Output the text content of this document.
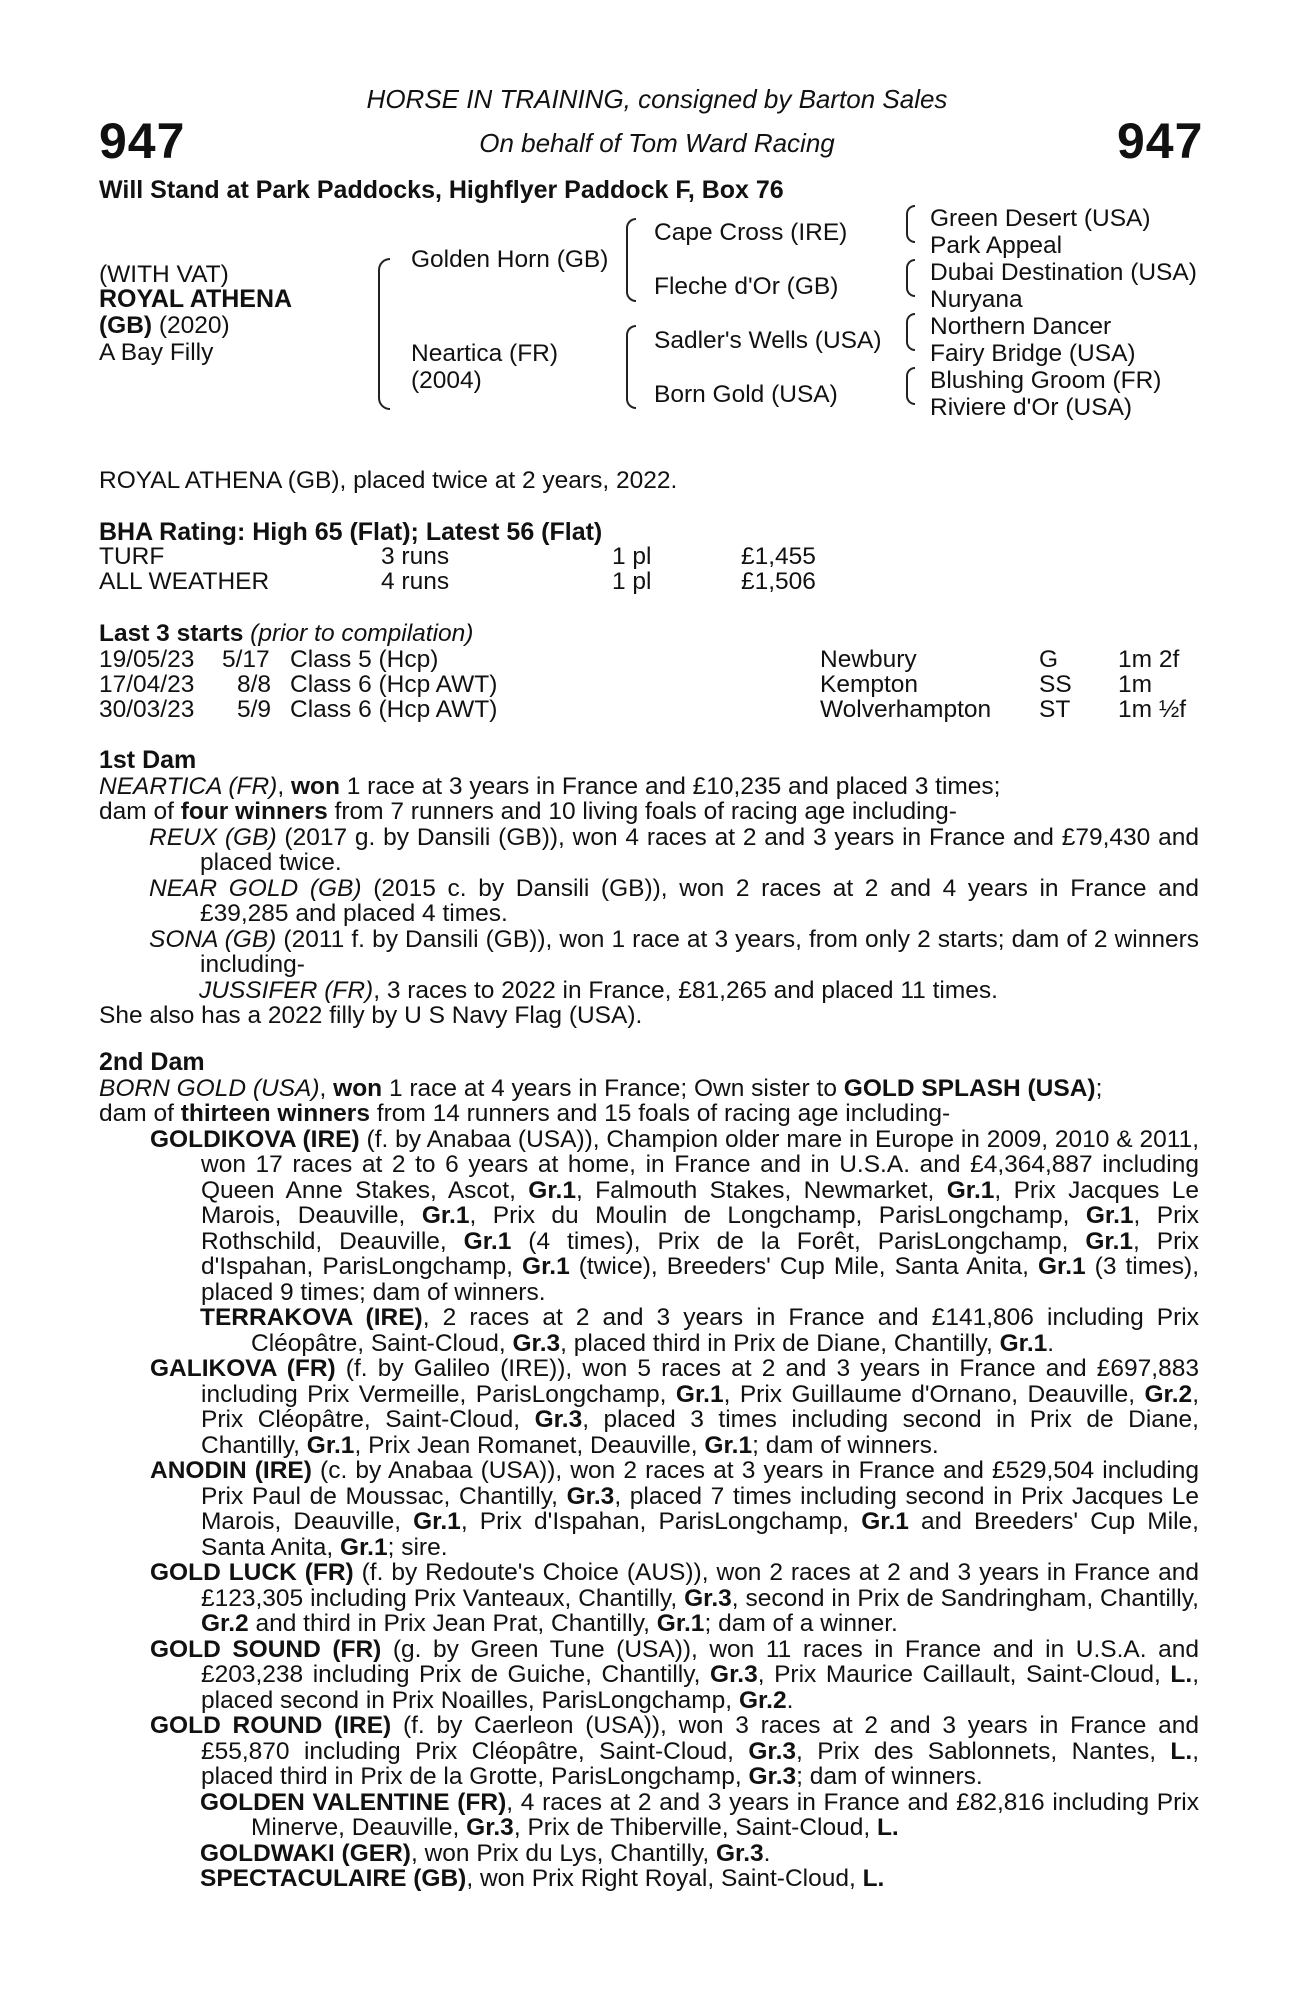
HORSE IN TRAINING, consigned by Barton Sales
On behalf of Tom Ward Racing
947	947
Will Stand at Park Paddocks, Highflyer Paddock F, Box 76
(WITH VAT)
ROYAL ATHENA
(GB) (2020)
A Bay Filly
Golden Horn (GB)
Neartica (FR)
(2004)
Cape Cross (IRE)
Fleche d'Or (GB)
Sadler's Wells (USA)
Born Gold (USA)
Green Desert (USA)
Park Appeal
Dubai Destination (USA)
Nuryana
Northern Dancer
Fairy Bridge (USA)
Blushing Groom (FR)
Riviere d'Or (USA)
ROYAL ATHENA (GB), placed twice at 2 years, 2022.
BHA Rating: High 65 (Flat); Latest 56 (Flat)
TURF	3 runs	1 pl	£1,455
ALL WEATHER	4 runs	1 pl	£1,506
Last 3 starts (prior to compilation)
19/05/23 5/17 Class 5 (Hcp)	Newbury	G 1m 2f
17/04/23 8/8 Class 6 (Hcp AWT)	Kempton	SS 1m
30/03/23 5/9 Class 6 (Hcp AWT)	Wolverhampton ST 1m ½f
1st Dam
NEARTICA (FR), won 1 race at 3 years in France and £10,235 and placed 3 times;
dam of four winners from 7 runners and 10 living foals of racing age including-
REUX (GB) (2017 g. by Dansili (GB)), won 4 races at 2 and 3 years in France and £79,430 and placed twice.
NEAR GOLD (GB) (2015 c. by Dansili (GB)), won 2 races at 2 and 4 years in France and £39,285 and placed 4 times.
SONA (GB) (2011 f. by Dansili (GB)), won 1 race at 3 years, from only 2 starts; dam of 2 winners including-
JUSSIFER (FR), 3 races to 2022 in France, £81,265 and placed 11 times.
She also has a 2022 filly by U S Navy Flag (USA).
2nd Dam
BORN GOLD (USA), won 1 race at 4 years in France; Own sister to GOLD SPLASH (USA);
dam of thirteen winners from 14 runners and 15 foals of racing age including-
GOLDIKOVA (IRE) (f. by Anabaa (USA)), Champion older mare in Europe in 2009, 2010 & 2011, won 17 races at 2 to 6 years at home, in France and in U.S.A. and £4,364,887 including Queen Anne Stakes, Ascot, Gr.1, Falmouth Stakes, Newmarket, Gr.1, Prix Jacques Le Marois, Deauville, Gr.1, Prix du Moulin de Longchamp, ParisLongchamp, Gr.1, Prix Rothschild, Deauville, Gr.1 (4 times), Prix de la Forêt, ParisLongchamp, Gr.1, Prix d'Ispahan, ParisLongchamp, Gr.1 (twice), Breeders' Cup Mile, Santa Anita, Gr.1 (3 times), placed 9 times; dam of winners.
TERRAKOVA (IRE), 2 races at 2 and 3 years in France and £141,806 including Prix Cléopâtre, Saint-Cloud, Gr.3, placed third in Prix de Diane, Chantilly, Gr.1.
GALIKOVA (FR) (f. by Galileo (IRE)), won 5 races at 2 and 3 years in France and £697,883 including Prix Vermeille, ParisLongchamp, Gr.1, Prix Guillaume d'Ornano, Deauville, Gr.2, Prix Cléopâtre, Saint-Cloud, Gr.3, placed 3 times including second in Prix de Diane, Chantilly, Gr.1, Prix Jean Romanet, Deauville, Gr.1; dam of winners.
ANODIN (IRE) (c. by Anabaa (USA)), won 2 races at 3 years in France and £529,504 including Prix Paul de Moussac, Chantilly, Gr.3, placed 7 times including second in Prix Jacques Le Marois, Deauville, Gr.1, Prix d'Ispahan, ParisLongchamp, Gr.1 and Breeders' Cup Mile, Santa Anita, Gr.1; sire.
GOLD LUCK (FR) (f. by Redoute's Choice (AUS)), won 2 races at 2 and 3 years in France and £123,305 including Prix Vanteaux, Chantilly, Gr.3, second in Prix de Sandringham, Chantilly, Gr.2 and third in Prix Jean Prat, Chantilly, Gr.1; dam of a winner.
GOLD SOUND (FR) (g. by Green Tune (USA)), won 11 races in France and in U.S.A. and £203,238 including Prix de Guiche, Chantilly, Gr.3, Prix Maurice Caillault, Saint-Cloud, L., placed second in Prix Noailles, ParisLongchamp, Gr.2.
GOLD ROUND (IRE) (f. by Caerleon (USA)), won 3 races at 2 and 3 years in France and £55,870 including Prix Cléopâtre, Saint-Cloud, Gr.3, Prix des Sablonnets, Nantes, L., placed third in Prix de la Grotte, ParisLongchamp, Gr.3; dam of winners.
GOLDEN VALENTINE (FR), 4 races at 2 and 3 years in France and £82,816 including Prix Minerve, Deauville, Gr.3, Prix de Thiberville, Saint-Cloud, L.
GOLDWAKI (GER), won Prix du Lys, Chantilly, Gr.3.
SPECTACULAIRE (GB), won Prix Right Royal, Saint-Cloud, L.
